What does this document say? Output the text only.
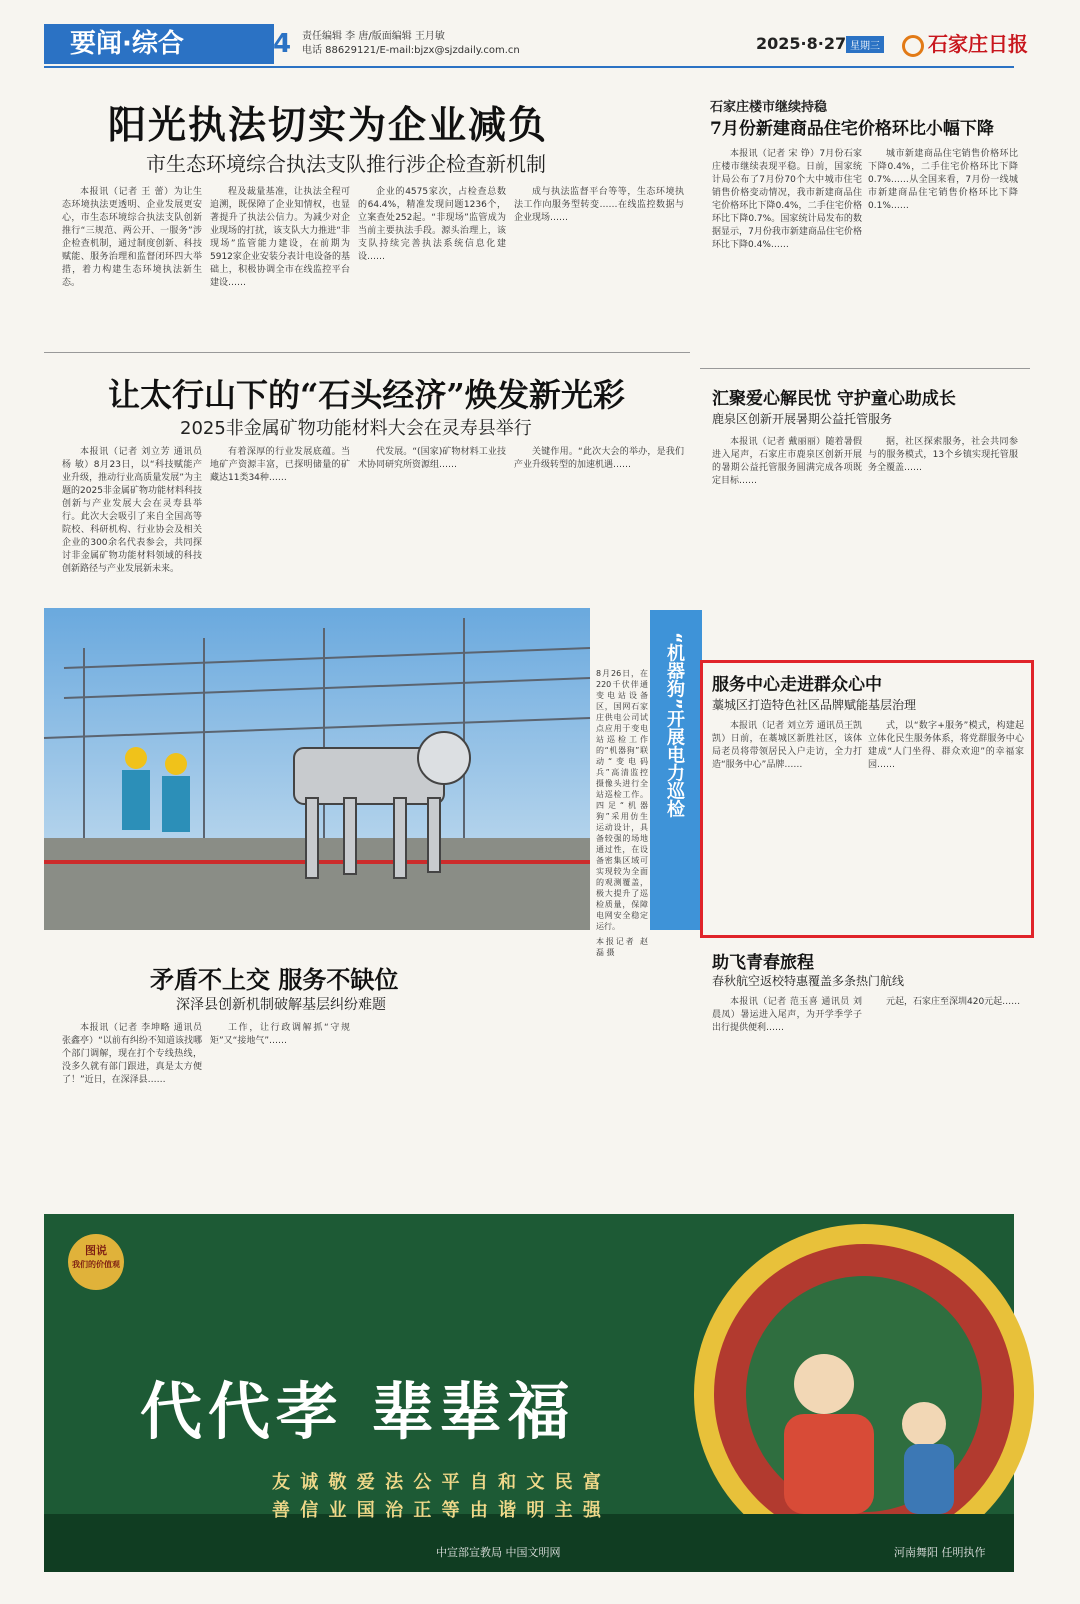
要闻·综合	4	责任编辑 李 唐/版面编辑 王月敏
电话 88629121/E-mail:bjzx@sjzdaily.com.cn	2025·8·27 星期三	石家庄日报
阳光执法切实为企业减负
市生态环境综合执法支队推行涉企检查新机制

本报讯（记者 王 蕾）为让生态环境执法更透明、企业发展更安心，市生态环境综合执法支队创新推行“三规范、两公开、一服务”涉企检查机制，通过制度创新、科技赋能、服务治理和监督闭环四大举措，着力构建生态环境执法新生态。

程及裁量基准，让执法全程可追溯，既保障了企业知情权，也显著提升了执法公信力。为减少对企业现场的打扰，该支队大力推进“非现场”监管能力建设，在前期为5912家企业安装分表计电设备的基础上，积极协调全市在线监控平台建设……

企业的4575家次，占检查总数的64.4%，精准发现问题1236个，立案查处252起。“非现场”监管成为当前主要执法手段。源头治理上，该支队持续完善执法系统信息化建设……

成与执法监督平台等等，生态环境执法工作向服务型转变……在线监控数据与企业现场……

让太行山下的“石头经济”焕发新光彩
2025非金属矿物功能材料大会在灵寿县举行

本报讯（记者 刘立芳 通讯员 杨 敏）8月23日，以“科技赋能产业升级，推动行业高质量发展”为主题的2025非金属矿物功能材料科技创新与产业发展大会在灵寿县举行。此次大会吸引了来自全国高等院校、科研机构、行业协会及相关企业的300余名代表参会，共同探讨非金属矿物功能材料领域的科技创新路径与产业发展新未来。

有着深厚的行业发展底蕴。当地矿产资源丰富，已探明储量的矿藏达11类34种……

代发展。“(国家)矿物材料工业技术协同研究所资源组……

关键作用。“此次大会的举办，是我们产业升级转型的加速机遇……

石家庄楼市继续持稳
7月份新建商品住宅价格环比小幅下降

本报讯（记者 宋 铮）7月份石家庄楼市继续表现平稳。日前，国家统计局公布了7月份70个大中城市住宅销售价格变动情况，我市新建商品住宅价格环比下降0.4%，二手住宅价格环比下降0.7%。国家统计局发布的数据显示，7月份我市新建商品住宅价格环比下降0.4%……

城市新建商品住宅销售价格环比下降0.4%，二手住宅价格环比下降0.7%……从全国来看，7月份一线城市新建商品住宅销售价格环比下降0.1%……

汇聚爱心解民忧 守护童心助成长
鹿泉区创新开展暑期公益托管服务

本报讯（记者 戴丽丽）随着暑假进入尾声，石家庄市鹿泉区创新开展的暑期公益托管服务圆满完成各项既定目标……

据，社区探索服务，社会共同参与的服务模式，13个乡镇实现托管服务全覆盖……

“机器狗”开展电力巡检
8月26日，在220千伏伴通变电站设备区，国网石家庄供电公司试点应用于变电站巡检工作的“机器狗”联动“变电码兵”高清监控摄像头进行全站巡检工作。四足“机器狗”采用仿生运动设计，具备较强的场地通过性，在设备密集区域可实现较为全面的观测覆盖，极大提升了巡检质量，保障电网安全稳定运行。
本报记者 赵 磊 摄
服务中心走进群众心中
藁城区打造特色社区品牌赋能基层治理

本报讯（记者 刘立芳 通讯员王凯凯）日前，在藁城区新胜社区，该体局老员将带领居民入户走访，全力打造“服务中心”品牌……

式，以“数字+服务”模式，构建起立体化民生服务体系，将党群服务中心建成“人门坐得、群众欢迎”的幸福家园……

矛盾不上交 服务不缺位
深泽县创新机制破解基层纠纷难题

本报讯（记者 李坤略 通讯员张鑫亭）“以前有纠纷不知道该找哪个部门调解，现在打个专线热线，没多久就有部门跟进，真是太方便了！”近日，在深泽县……

工作，让行政调解抓“守规矩”又“接地气”……

助飞青春旅程
春秋航空返校特惠覆盖多条热门航线

本报讯（记者 范玉喜 通讯员 刘晨凤）暑运进入尾声，为开学季学子出行提供便利……

元起，石家庄至深圳420元起……

图说
我们的价值观
代代孝 辈辈福
友 诚 敬 爱 法 公 平 自 和 文 民 富
善 信 业 国 治 正 等 由 谐 明 主 强
中宣部宣教局 中国文明网	河南舞阳 任明执作
